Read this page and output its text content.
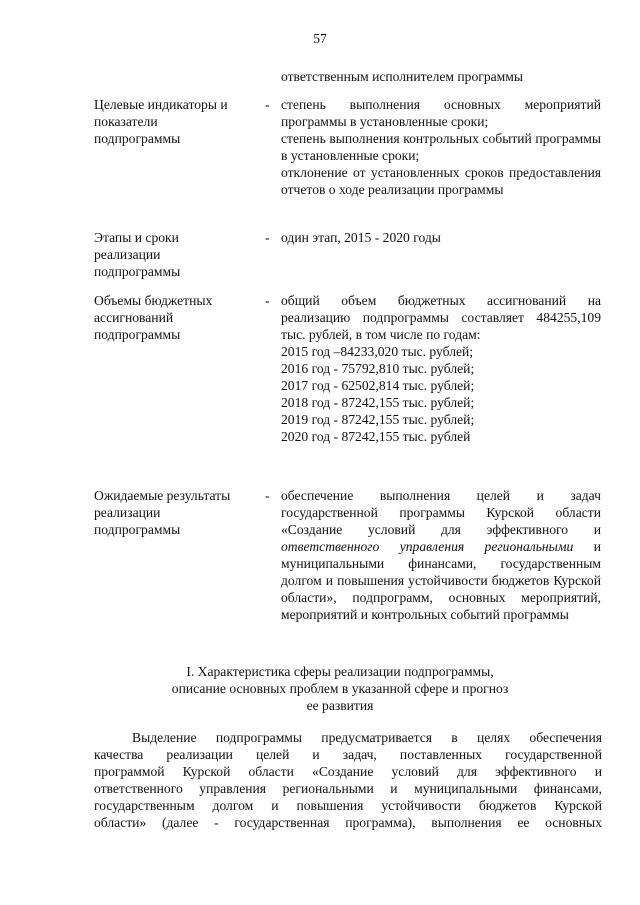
57
ответственным исполнителем программы
Целевые индикаторы и
показатели
подпрограммы
- степень выполнения основных мероприятий программы в установленные сроки;

степень выполнения контрольных событий программы в установленные сроки;

отклонение от установленных сроков предоставления отчетов о ходе реализации программы

Этапы и сроки
реализации
подпрограммы
- один этап, 2015 - 2020 годы

Объемы бюджетных
ассигнований
подпрограммы
- общий объем бюджетных ассигнований на реализацию подпрограммы составляет 484255,109 тыс. рублей, в том числе по годам:

2015 год –84233,020 тыс. рублей;

2016 год - 75792,810 тыс. рублей;

2017 год - 62502,814 тыс. рублей;

2018 год - 87242,155 тыс. рублей;

2019 год - 87242,155 тыс. рублей;

2020 год - 87242,155 тыс. рублей

Ожидаемые результаты
реализации
подпрограммы
- обеспечение выполнения целей и задач государственной программы Курской области «Создание условий для эффективного и ответственного управления региональными и муниципальными финансами, государственным долгом и повышения устойчивости бюджетов Курской области», подпрограмм, основных мероприятий, мероприятий и контрольных событий программы

I. Характеристика сферы реализации подпрограммы,
описание основных проблем в указанной сфере и прогноз
ее развития
Выделение подпрограммы предусматривается в целях обеспечения
качества реализации целей и задач, поставленных государственной
программой Курской области «Создание условий для эффективного и
ответственного управления региональными и муниципальными финансами,
государственным долгом и повышения устойчивости бюджетов Курской
области» (далее - государственная программа), выполнения ее основных
